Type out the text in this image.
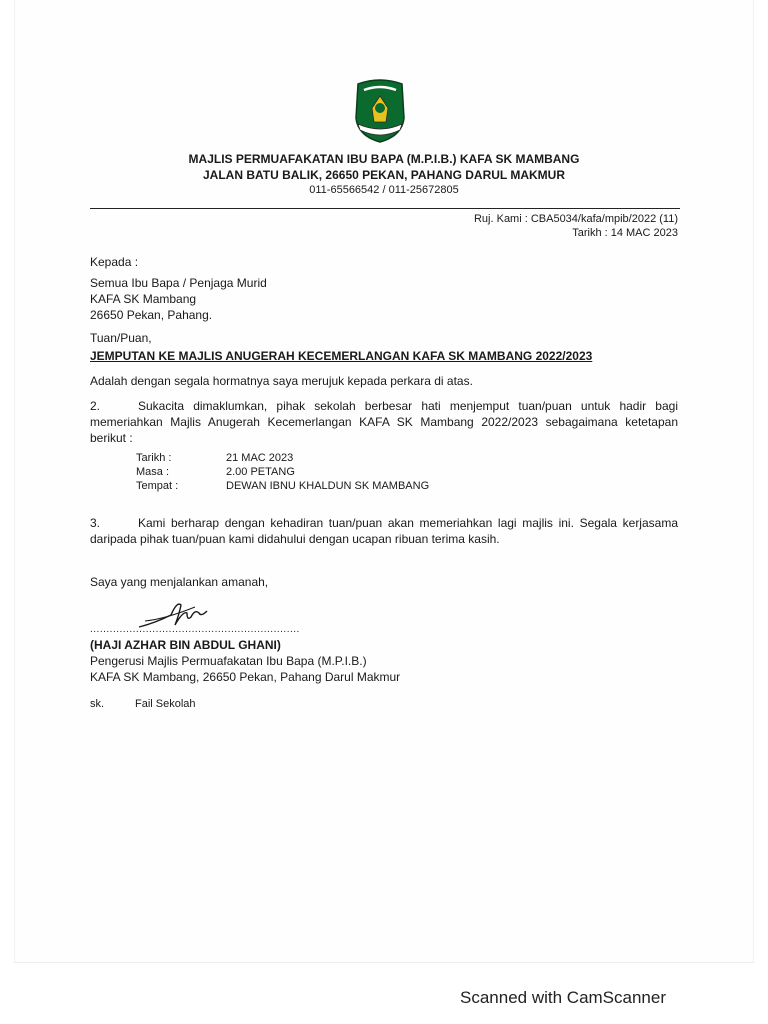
MAJLIS PERMUAFAKATAN IBU BAPA (M.P.I.B.) KAFA SK MAMBANG
JALAN BATU BALIK, 26650 PEKAN, PAHANG DARUL MAKMUR
011-65566542 / 011-25672805
Ruj. Kami : CBA5034/kafa/mpib/2022 (11)
Tarikh : 14 MAC 2023
Kepada :
Semua Ibu Bapa / Penjaga Murid
KAFA SK Mambang
26650 Pekan, Pahang.
Tuan/Puan,
JEMPUTAN KE MAJLIS ANUGERAH KECEMERLANGAN KAFA SK MAMBANG 2022/2023
Adalah dengan segala hormatnya saya merujuk kepada perkara di atas.
2.	Sukacita dimaklumkan, pihak sekolah berbesar hati menjemput tuan/puan untuk hadir bagi memeriahkan Majlis Anugerah Kecemerlangan KAFA SK Mambang 2022/2023 sebagaimana ketetapan berikut :
Tarikh :	21 MAC 2023
Masa :	2.00 PETANG
Tempat :	DEWAN IBNU KHALDUN SK MAMBANG
3.	Kami berharap dengan kehadiran tuan/puan akan memeriahkan lagi majlis ini. Segala kerjasama daripada pihak tuan/puan kami didahului dengan ucapan ribuan terima kasih.
Saya yang menjalankan amanah,
................................................................
(HAJI AZHAR BIN ABDUL GHANI)
Pengerusi Majlis Permuafakatan Ibu Bapa (M.P.I.B.)
KAFA SK Mambang, 26650 Pekan, Pahang Darul Makmur
sk.	Fail Sekolah
Scanned with CamScanner
